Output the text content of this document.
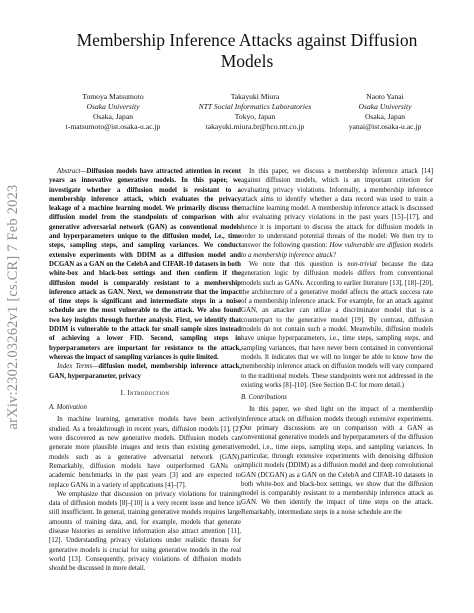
arXiv:2302.03262v1 [cs.CR] 7 Feb 2023
Membership Inference Attacks against Diffusion Models
Tomoya Matsumoto
Osaka University
Osaka, Japan
t-matsumoto@ist.osaka-u.ac.jp
Takayuki Miura
NTT Social Informatics Laboratories
Tokyo, Japan
takayuki.miura.br@hco.ntt.co.jp
Naoto Yanai
Osaka University
Osaka, Japan
yanai@ist.osaka-u.ac.jp

Abstract—Diffusion models have attracted attention in recent years as innovative generative models. In this paper, we investigate whether a diffusion model is resistant to a membership inference attack, which evaluates the privacy leakage of a machine learning model. We primarily discuss the diffusion model from the standpoints of comparison with a generative adversarial network (GAN) as conventional models and hyperparameters unique to the diffusion model, i.e., time steps, sampling steps, and sampling variances. We conduct extensive experiments with DDIM as a diffusion model and DCGAN as a GAN on the CelebA and CIFAR-10 datasets in both white-box and black-box settings and then confirm if the diffusion model is comparably resistant to a membership inference attack as GAN. Next, we demonstrate that the impact of time steps is significant and intermediate steps in a noise schedule are the most vulnerable to the attack. We also found two key insights through further analysis. First, we identify that DDIM is vulnerable to the attack for small sample sizes instead of achieving a lower FID. Second, sampling steps in hyperparameters are important for resistance to the attack, whereas the impact of sampling variances is quite limited.

Index Terms—diffusion model, membership inference attack, GAN, hyperparameter, privacy

I. Introduction
A. Motivation

In machine learning, generative models have been actively studied. As a breakthrough in recent years, diffusion models [1], [2] were discovered as new generative models. Diffusion models can generate more plausible images and texts than existing generative models such as a generative adversarial network (GAN). Remarkably, diffusion models have outperformed GANs on academic benchmarks in the past years [3] and are expected to replace GANs in a variety of applications [4]–[7].

We emphasize that discussion on privacy violations for training data of diffusion models [8]–[10] is a very recent issue and hence is still insufficient. In general, training generative models requires large amounts of training data, and, for example, models that generate disease histories as sensitive information also attract attention [11], [12]. Understanding privacy violations under realistic threats for generative models is crucial for using generative models in the real world [13]. Consequently, privacy violations of diffusion models should be discussed in more detail.

In this paper, we discuss a membership inference attack [14] against diffusion models, which is an important criterion for evaluating privacy violations. Informally, a membership inference attack aims to identify whether a data record was used to train a machine learning model. A membership inference attack is discussed for evaluating privacy violations in the past years [15]–[17], and hence it is important to discuss the attack for diffusion models in order to understand potential threats of the model: We then try to answer the following question: How vulnerable are diffusion models to a membership inference attack?

We note that this question is non-trivial because the data generation logic by diffusion models differs from conventional models such as GANs. According to earlier literature [13], [18]–[20], the architecture of a generative model affects the attack success rate of a membership inference attack. For example, for an attack against GAN, an attacker can utilize a discriminator model that is a counterpart to the generative model [19]. By contrast, diffusion models do not contain such a model. Meanwhile, diffusion models have unique hyperparameters, i.e., time steps, sampling steps, and sampling variances, that have never been contained in conventional models. It indicates that we will no longer be able to know how the membership inference attack on diffusion models will vary compared to the traditional models. These standpoints were not addressed in the existing works [8]–[10]. (See Section II-C for more detail.)

B. Contributions

In this paper, we shed light on the impact of a membership inference attack on diffusion models through extensive experiments. Our primary discussions are on comparison with a GAN as conventional generative models and hyperparameters of the diffusion model, i.e., time steps, sampling steps, and sampling variances. In particular, through extensive experiments with denoising diffusion implicit models (DDIM) as a diffusion model and deep convolutional GAN (DCGAN) as a GAN on the CelebA and CIFAR-10 datasets in both white-box and black-box settings, we show that the diffusion model is comparably resistant to a membership inference attack as GAN. We then identify the impact of time steps on the attack. Remarkably, intermediate steps in a noise schedule are the
